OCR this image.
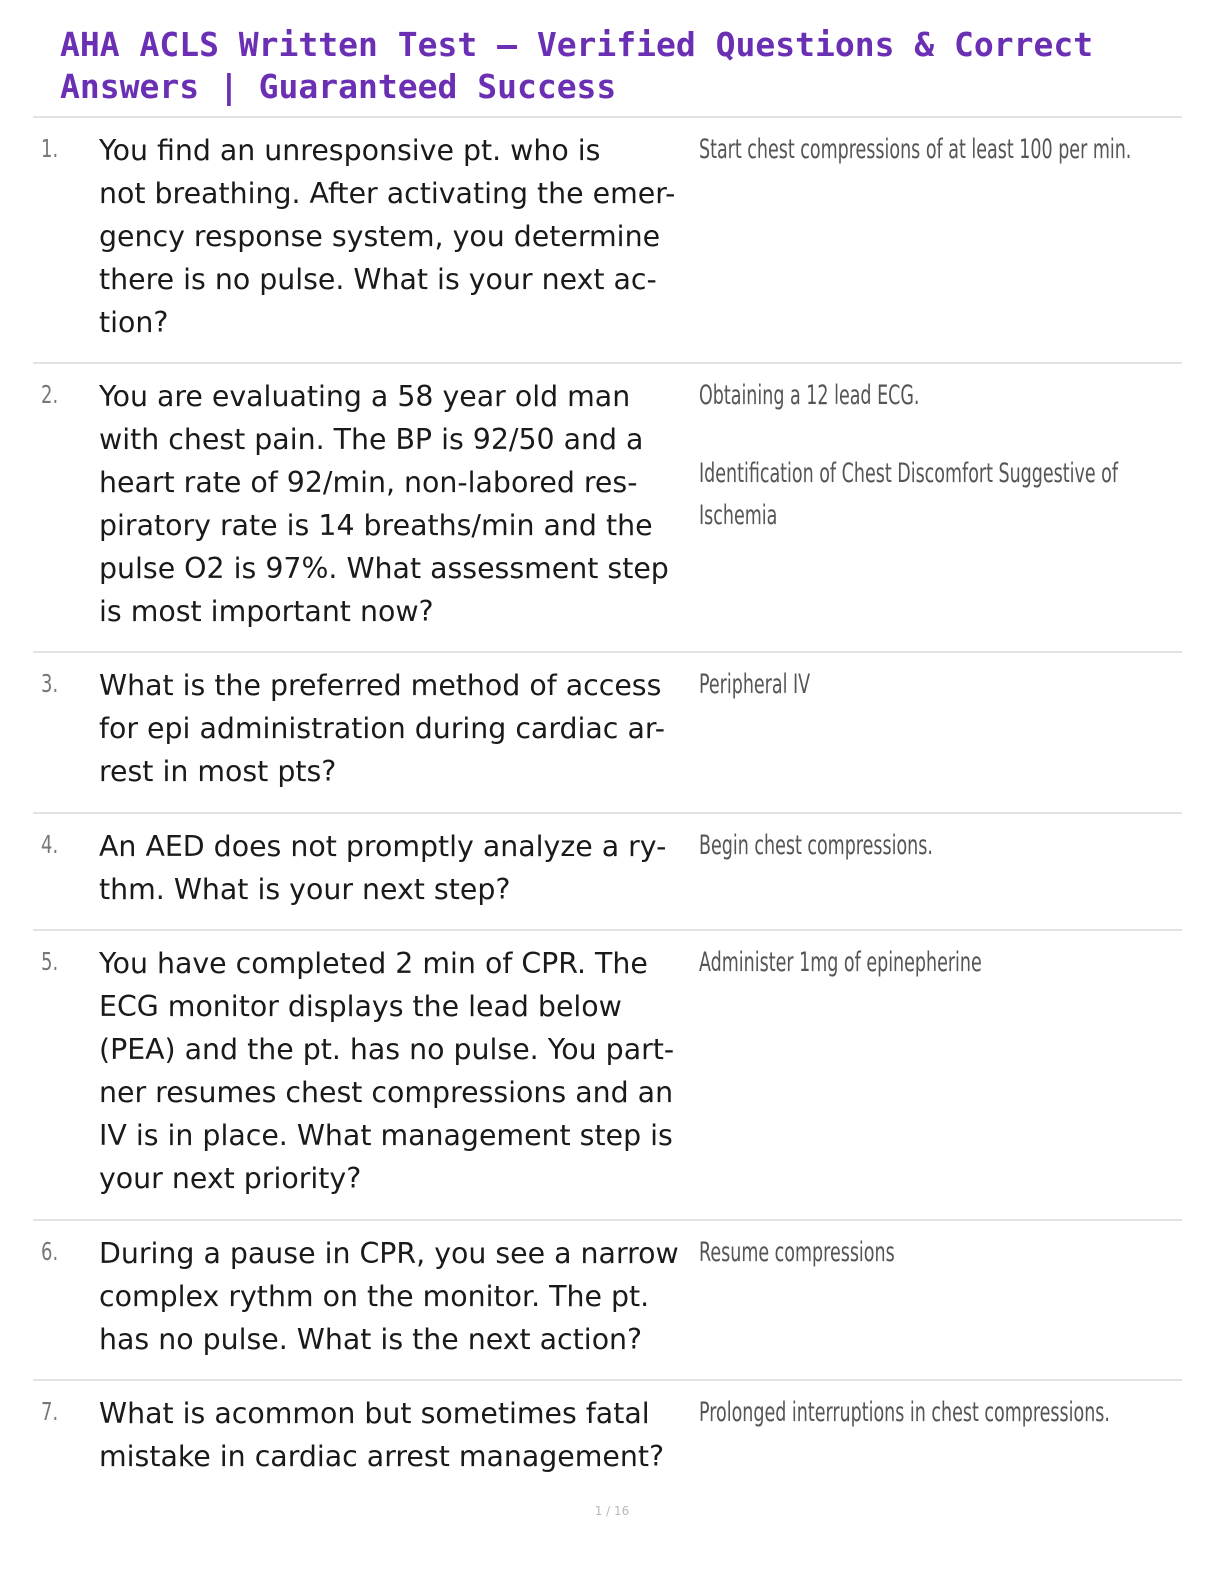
AHA ACLS Written Test – Verified Questions & Correct Answers | Guaranteed Success
1. You find an unresponsive pt. who is
not breathing. After activating the emer-
gency response system, you determine
there is no pulse. What is your next ac-
tion?
Start chest compressions of at least 100 per min.
2. You are evaluating a 58 year old man
with chest pain. The BP is 92/50 and a
heart rate of 92/min, non-labored res-
piratory rate is 14 breaths/min and the
pulse O2 is 97%. What assessment step
is most important now?
Obtaining a 12 lead ECG.
Identification of Chest Discomfort Suggestive of
Ischemia
3. What is the preferred method of access
for epi administration during cardiac ar-
rest in most pts?
Peripheral IV
4. An AED does not promptly analyze a ry-
thm. What is your next step?
Begin chest compressions.
5. You have completed 2 min of CPR. The
ECG monitor displays the lead below
(PEA) and the pt. has no pulse. You part-
ner resumes chest compressions and an
IV is in place. What management step is
your next priority?
Administer 1mg of epinepherine
6. During a pause in CPR, you see a narrow
complex rythm on the monitor. The pt.
has no pulse. What is the next action?
Resume compressions
7. What is acommon but sometimes fatal
mistake in cardiac arrest management?
Prolonged interruptions in chest compressions.
1 / 16
